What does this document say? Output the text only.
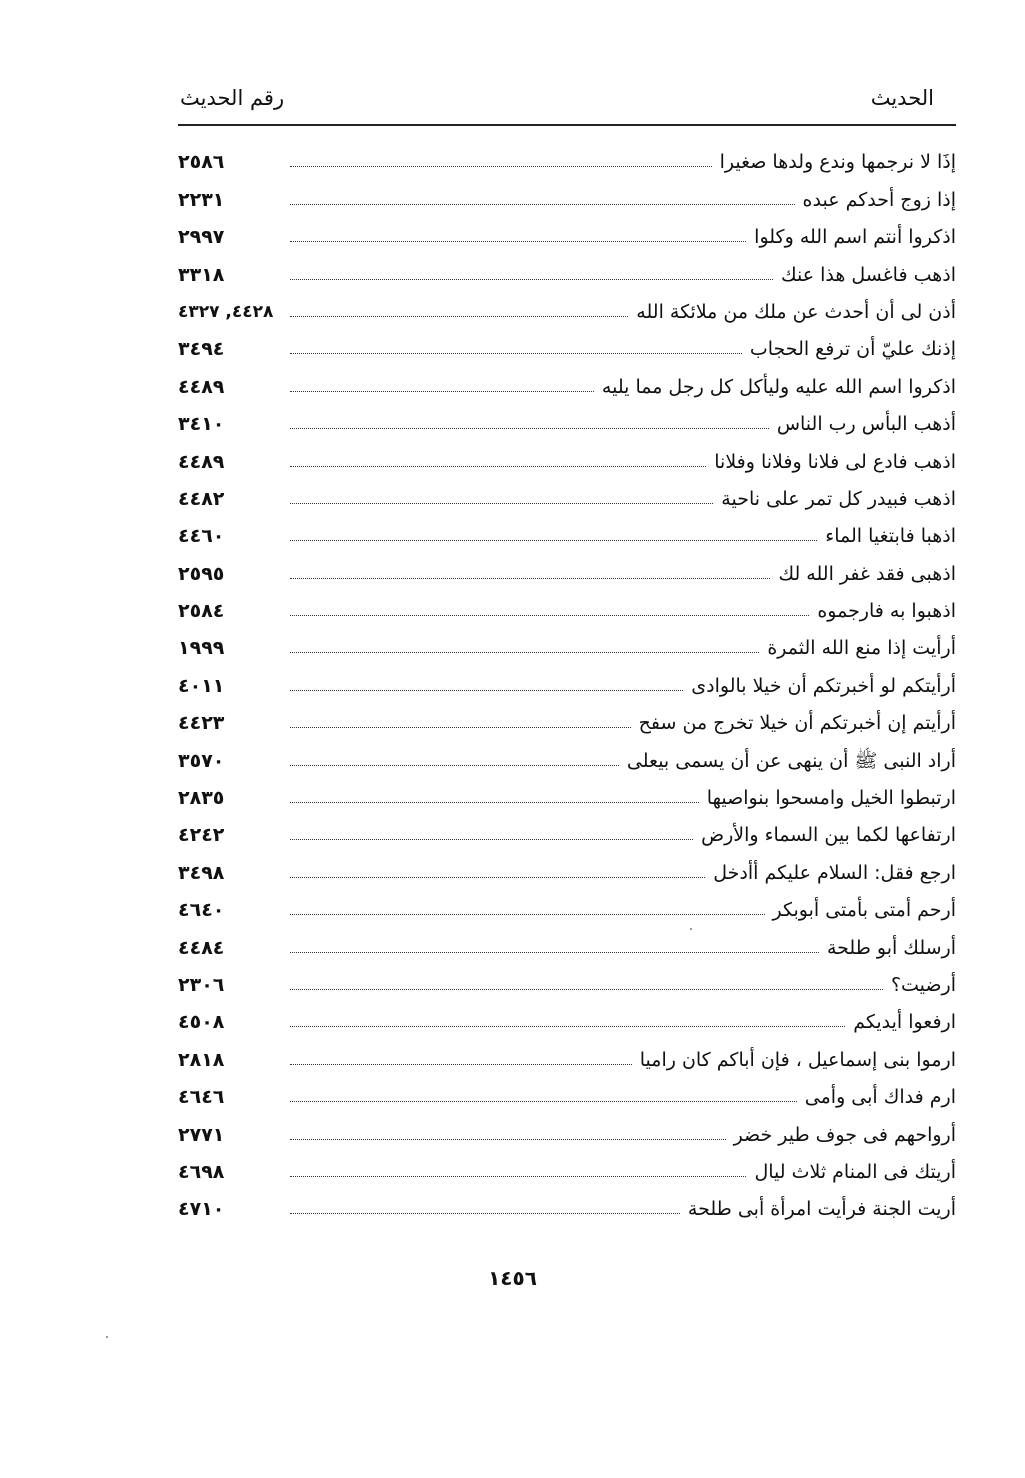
الحديث
رقم الحديث
إذَا لا نرجمها وندع ولدها صغيرا
٢٥٨٦
إذا زوج أحدكم عبده
٢٢٣١
اذكروا أنتم اسم الله وكلوا
٢٩٩٧
اذهب فاغسل هذا عنك
٣٣١٨
أذن لى أن أحدث عن ملك من ملائكة الله
٤٤٢٨, ٤٣٢٧
إذنك عليّ أن ترفع الحجاب
٣٤٩٤
اذكروا اسم الله عليه وليأكل كل رجل مما يليه
٤٤٨٩
أذهب البأس رب الناس
٣٤١٠
اذهب فادع لى فلانا وفلانا وفلانا
٤٤٨٩
اذهب فبيدر كل تمر على ناحية
٤٤٨٢
اذهبا فابتغيا الماء
٤٤٦٠
اذهبى فقد غفر الله لك
٢٥٩٥
اذهبوا به فارجموه
٢٥٨٤
أرأيت إذا منع الله الثمرة
١٩٩٩
أرأيتكم لو أخبرتكم أن خيلا بالوادى
٤٠١١
أرأيتم إن أخبرتكم أن خيلا تخرج من سفح
٤٤٢٣
أراد النبى ﷺ أن ينهى عن أن يسمى بيعلى
٣٥٧٠
ارتبطوا الخيل وامسحوا بنواصيها
٢٨٣٥
ارتفاعها لكما بين السماء والأرض
٤٢٤٢
ارجع فقل: السلام عليكم أأدخل
٣٤٩٨
أرحم أمتى بأمتى أبوبكر
٤٦٤٠
أرسلك أبو طلحة
٤٤٨٤
أرضيت؟
٢٣٠٦
ارفعوا أيديكم
٤٥٠٨
ارموا بنى إسماعيل ، فإن أباكم كان راميا
٢٨١٨
ارم فداك أبى وأمى
٤٦٤٦
أرواحهم فى جوف طير خضر
٢٧٧١
أريتك فى المنام ثلاث ليال
٤٦٩٨
أريت الجنة فرأيت امرأة أبى طلحة
٤٧١٠
١٤٥٦
